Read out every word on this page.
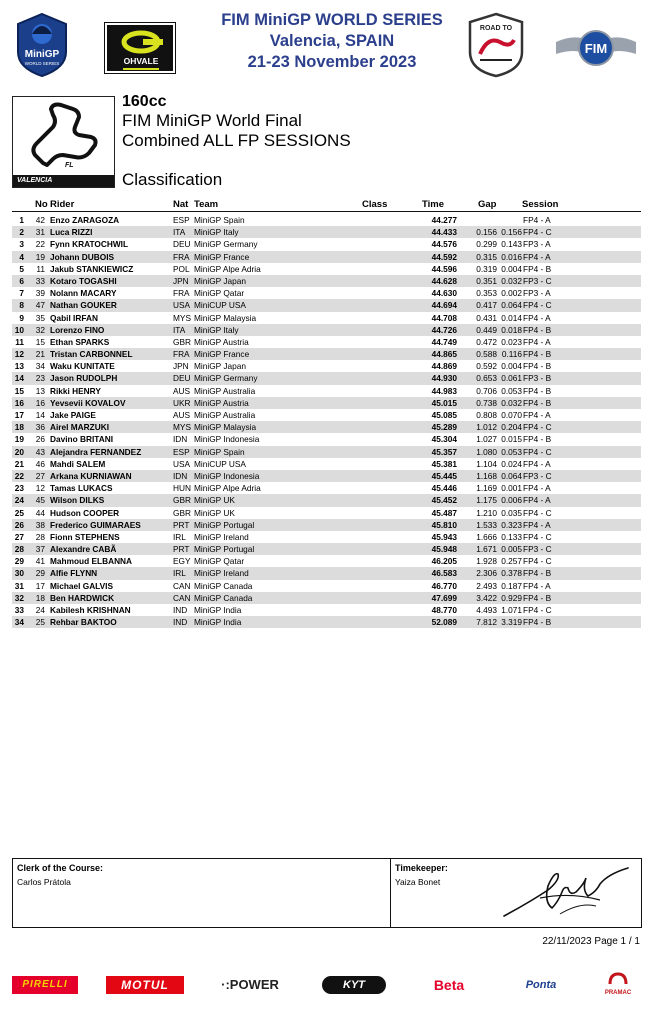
MiniGP
WORLD SERIES	OHVALE
FIM MiniGP WORLD SERIES
Valencia, SPAIN
21-23 November 2023
ROAD TO
FIM
FL
VALENCIA
160cc
FIM MiniGP World Final
Combined ALL FP SESSIONS
Classification
No Rider	Nat Team	Class	Time	Gap	Session
1	42 Enzo ZARAGOZA	ESP MiniGP Spain	44.277	FP4 - A
2	31 Luca RIZZI	ITA MiniGP Italy	44.433	0.156 0.156 FP4 - C
3	22 Fynn KRATOCHWIL	DEU MiniGP Germany	44.576	0.299 0.143 FP3 - A
4	19 Johann DUBOIS	FRA MiniGP France	44.592	0.315 0.016 FP4 - A
5	11 Jakub STANKIEWICZ	POL MiniGP Alpe Adria	44.596	0.319 0.004 FP4 - B
6	33 Kotaro TOGASHI	JPN MiniGP Japan	44.628	0.351 0.032 FP3 - C
7	39 Nolann MACARY	FRA MiniGP Qatar	44.630	0.353 0.002 FP3 - A
8	47 Nathan GOUKER	USA MiniCUP USA	44.694	0.417 0.064 FP4 - C
9	35 Qabil IRFAN	MYS MiniGP Malaysia	44.708	0.431 0.014 FP4 - A
10	32 Lorenzo FINO	ITA MiniGP Italy	44.726	0.449 0.018 FP4 - B
11	15 Ethan SPARKS	GBR MiniGP Austria	44.749	0.472 0.023 FP4 - A
12	21 Tristan CARBONNEL	FRA MiniGP France	44.865	0.588 0.116 FP4 - B
13	34 Waku KUNITATE	JPN MiniGP Japan	44.869	0.592 0.004 FP4 - B
14	23 Jason RUDOLPH	DEU MiniGP Germany	44.930	0.653 0.061 FP3 - B
15	13 Rikki HENRY	AUS MiniGP Australia	44.983	0.706 0.053 FP4 - B
16	16 Yevsevii KOVALOV	UKR MiniGP Austria	45.015	0.738 0.032 FP4 - B
17	14 Jake PAIGE	AUS MiniGP Australia	45.085	0.808 0.070 FP4 - A
18	36 Airel MARZUKI	MYS MiniGP Malaysia	45.289	1.012 0.204 FP4 - C
19	26 Davino BRITANI	IDN MiniGP Indonesia	45.304	1.027 0.015 FP4 - B
20	43 Alejandra FERNANDEZ	ESP MiniGP Spain	45.357	1.080 0.053 FP4 - C
21	46 Mahdi SALEM	USA MiniCUP USA	45.381	1.104 0.024 FP4 - A
22	27 Arkana KURNIAWAN	IDN MiniGP Indonesia	45.445	1.168 0.064 FP3 - C
23	12 Tamas LUKACS	HUN MiniGP Alpe Adria	45.446	1.169 0.001 FP4 - A
24	45 Wilson DILKS	GBR MiniGP UK	45.452	1.175 0.006 FP4 - A
25	44 Hudson COOPER	GBR MiniGP UK	45.487	1.210 0.035 FP4 - C
26	38 Frederico GUIMARAES	PRT MiniGP Portugal	45.810	1.533 0.323 FP4 - A
27	28 Fionn STEPHENS	IRL MiniGP Ireland	45.943	1.666 0.133 FP4 - C
28	37 Alexandre CABÃ	PRT MiniGP Portugal	45.948	1.671 0.005 FP3 - C
29	41 Mahmoud ELBANNA	EGY MiniGP Qatar	46.205	1.928 0.257 FP4 - C
30	29 Alfie FLYNN	IRL MiniGP Ireland	46.583	2.306 0.378 FP4 - B
31	17 Michael GALVIS	CAN MiniGP Canada	46.770	2.493 0.187 FP4 - A
32	18 Ben HARDWICK	CAN MiniGP Canada	47.699	3.422 0.929 FP4 - B
33	24 Kabilesh KRISHNAN	IND MiniGP India	48.770	4.493 1.071 FP4 - C
34	25 Rehbar BAKTOO	IND MiniGP India	52.089	7.812 3.319 FP4 - B
Clerk of the Course:
Carlos Prátola
Timekeeper:
Yaiza Bonet
22/11/2023 Page 1 / 1
PIRELLI	MOTUL	·:POWER	KYT	Beta	Ponta
PRAMAC
